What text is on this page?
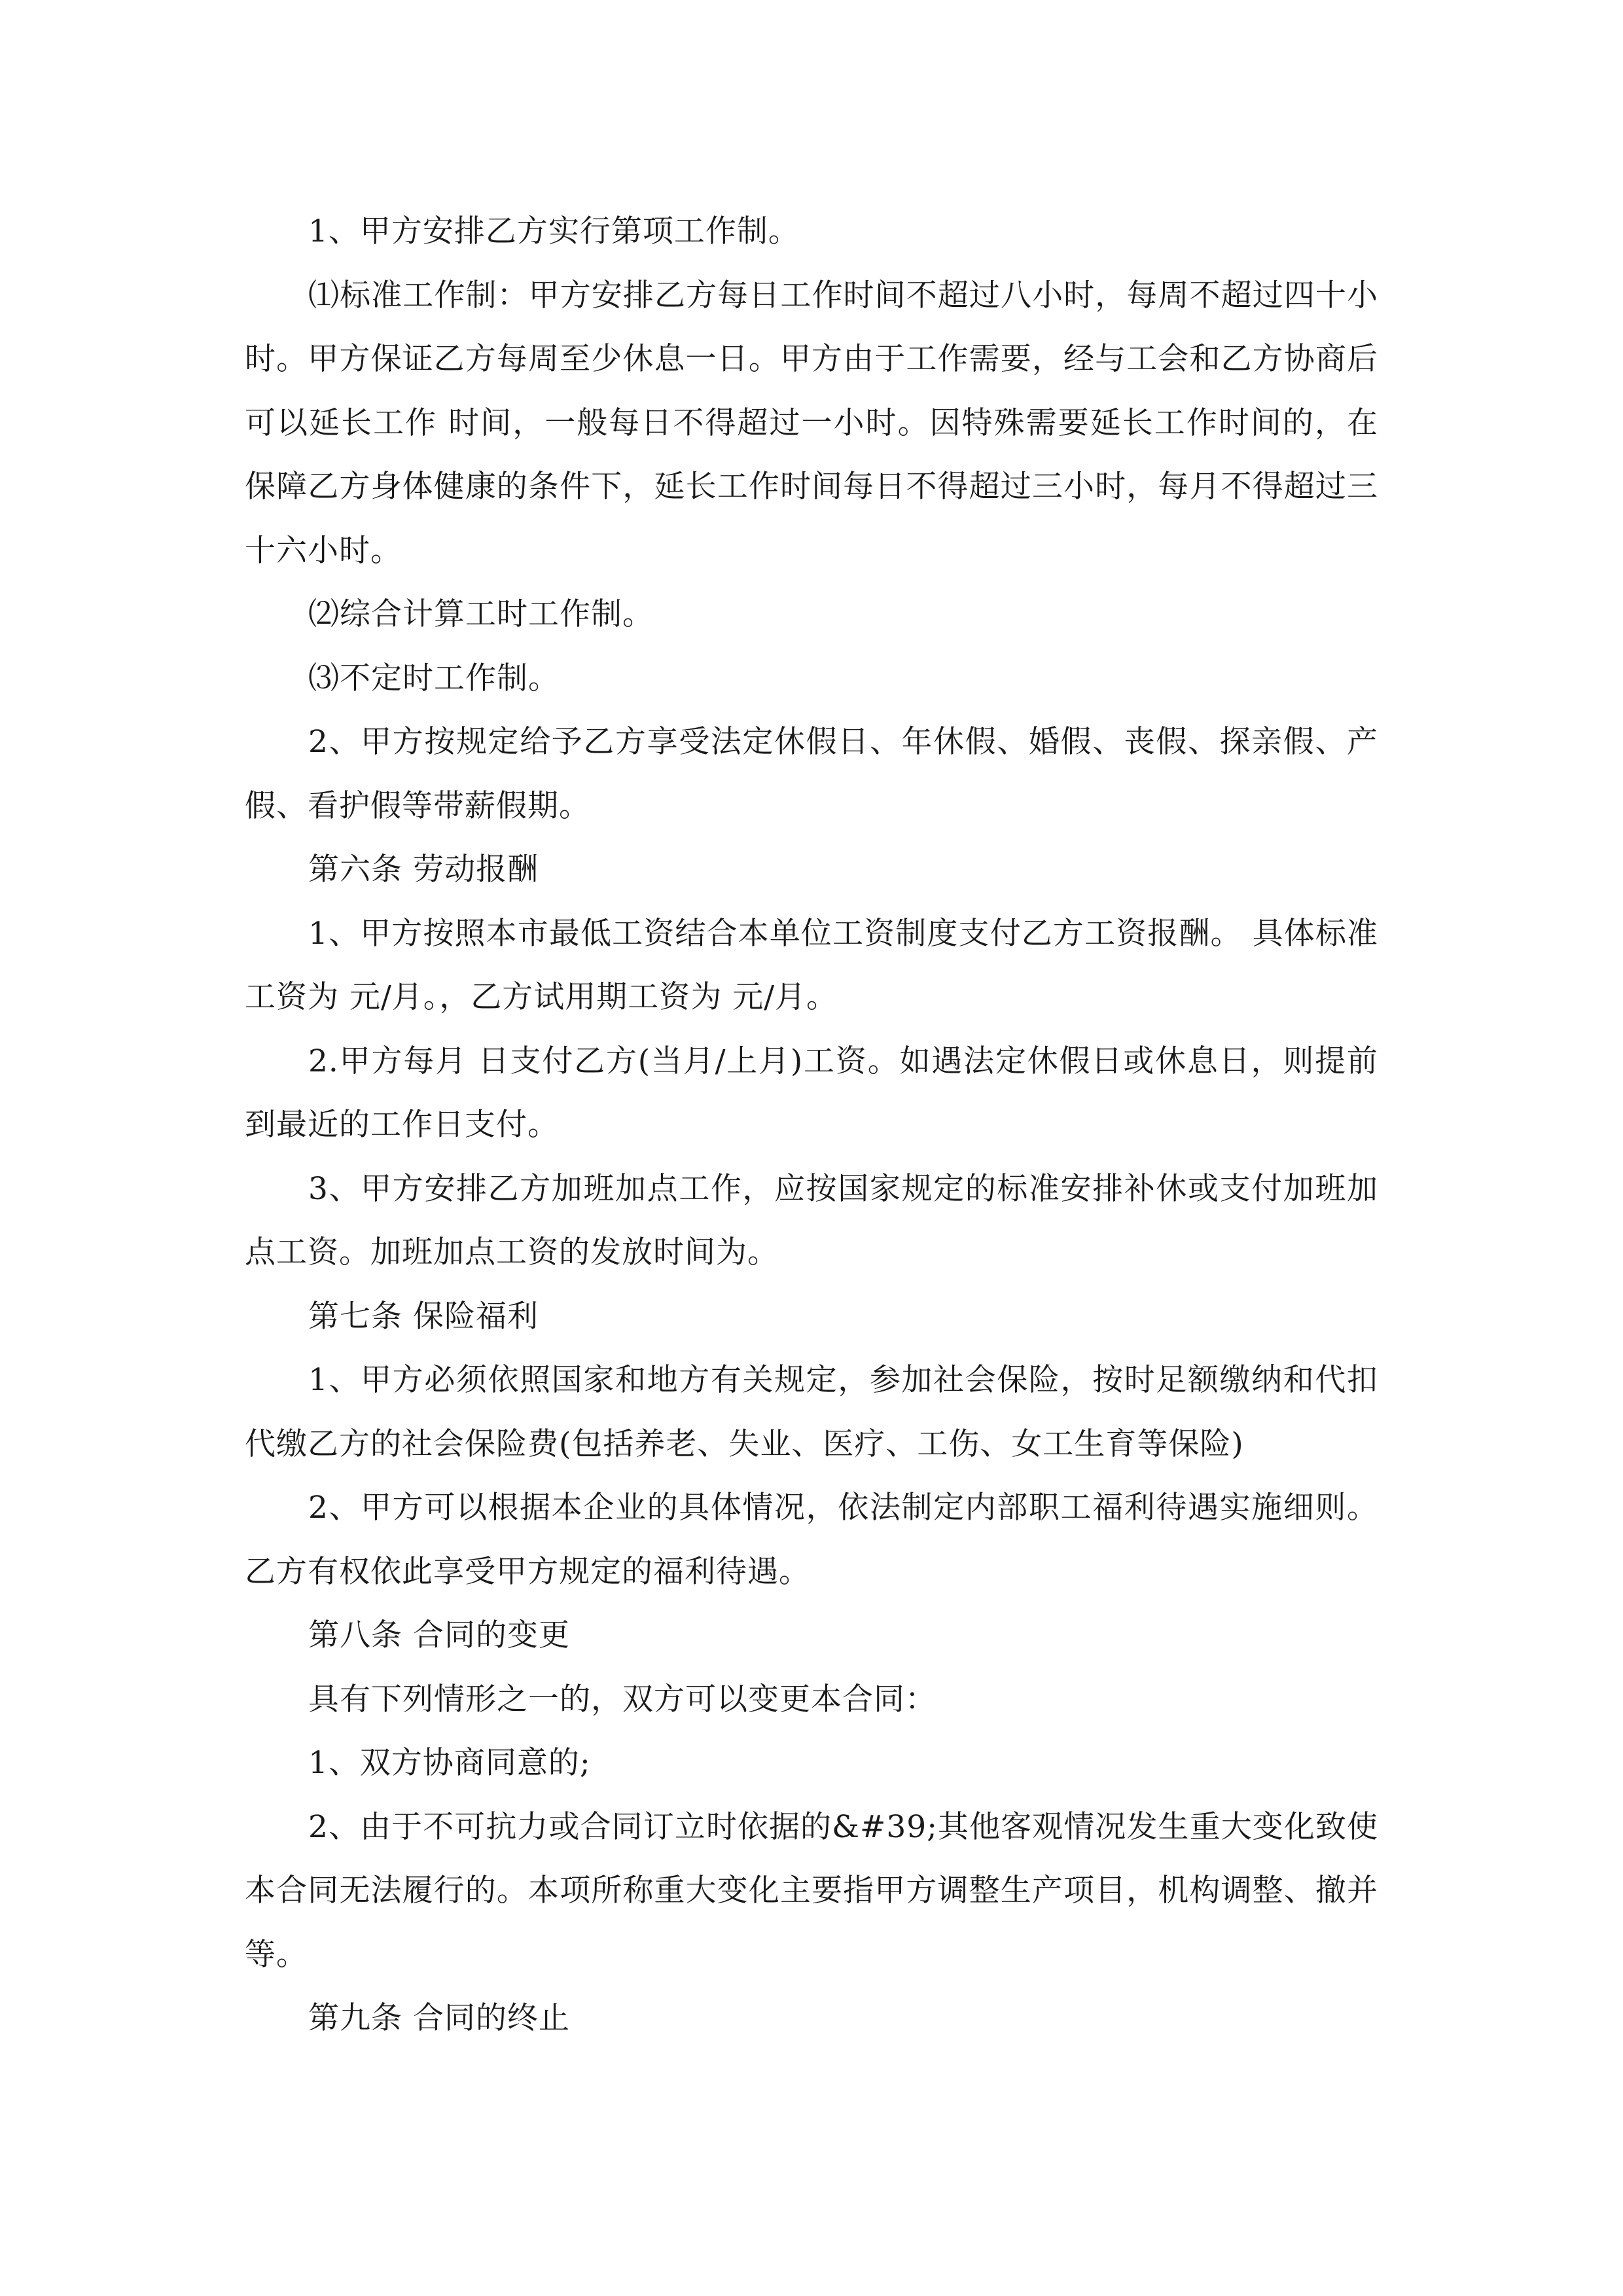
1、甲方安排乙方实行第项工作制。

⑴标准工作制：甲方安排乙方每日工作时间不超过八小时，每周不超过四十小时。甲方保证乙方每周至少休息一日。甲方由于工作需要，经与工会和乙方协商后可以延长工作 时间，一般每日不得超过一小时。因特殊需要延长工作时间的，在保障乙方身体健康的条件下，延长工作时间每日不得超过三小时，每月不得超过三十六小时。

⑵综合计算工时工作制。

⑶不定时工作制。

2、甲方按规定给予乙方享受法定休假日、年休假、婚假、丧假、探亲假、产假、看护假等带薪假期。

第六条 劳动报酬

1、甲方按照本市最低工资结合本单位工资制度支付乙方工资报酬。 具体标准工资为 元/月。，乙方试用期工资为 元/月。

2.甲方每月 日支付乙方(当月/上月)工资。如遇法定休假日或休息日，则提前到最近的工作日支付。

3、甲方安排乙方加班加点工作，应按国家规定的标准安排补休或支付加班加点工资。加班加点工资的发放时间为。

第七条 保险福利

1、甲方必须依照国家和地方有关规定，参加社会保险，按时足额缴纳和代扣代缴乙方的社会保险费(包括养老、失业、医疗、工伤、女工生育等保险)

2、甲方可以根据本企业的具体情况，依法制定内部职工福利待遇实施细则。乙方有权依此享受甲方规定的福利待遇。

第八条 合同的变更

具有下列情形之一的，双方可以变更本合同：

1、双方协商同意的;

2、由于不可抗力或合同订立时依据的&#39;其他客观情况发生重大变化致使本合同无法履行的。本项所称重大变化主要指甲方调整生产项目，机构调整、撤并等。

第九条 合同的终止
